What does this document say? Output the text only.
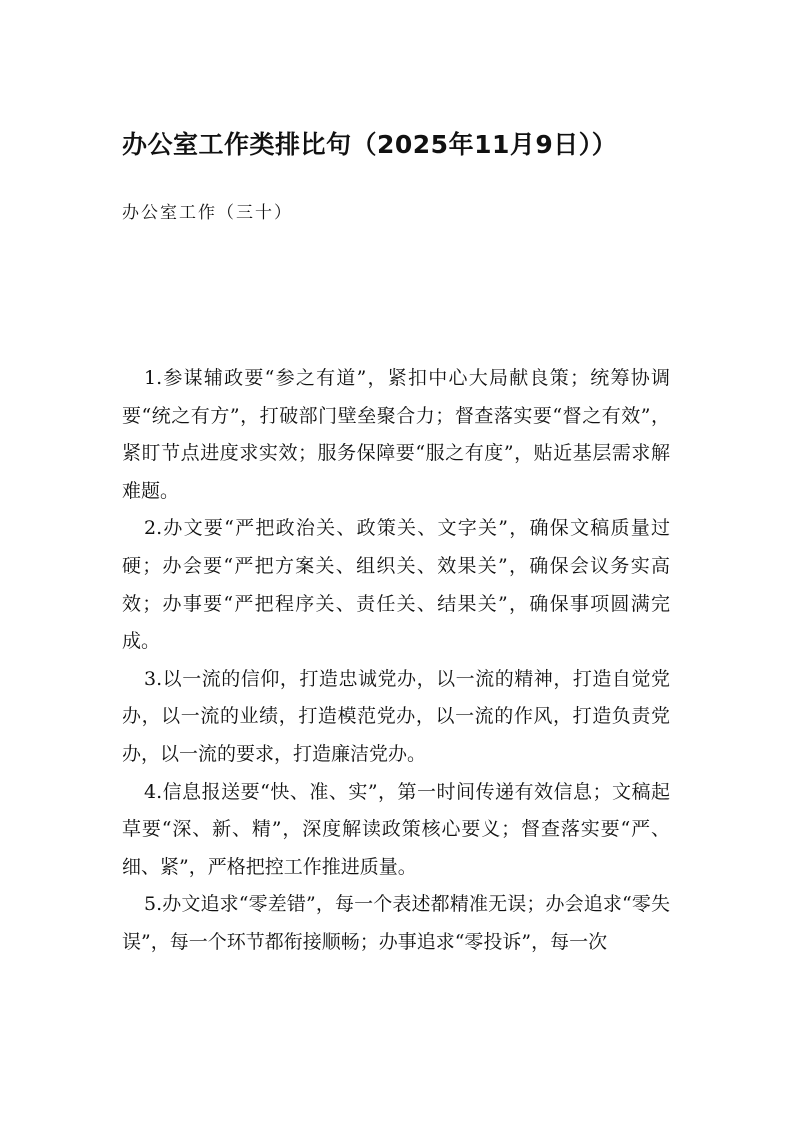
办公室工作类排比句（2025年11月9日））

办公室工作（三十）

1.参谋辅政要“参之有道”，紧扣中心大局献良策；统筹协调要“统之有方”，打破部门壁垒聚合力；督查落实要“督之有效”，紧盯节点进度求实效；服务保障要“服之有度”，贴近基层需求解难题。

2.办文要“严把政治关、政策关、文字关”，确保文稿质量过硬；办会要“严把方案关、组织关、效果关”，确保会议务实高效；办事要“严把程序关、责任关、结果关”，确保事项圆满完成。

3.以一流的信仰，打造忠诚党办，以一流的精神，打造自觉党办，以一流的业绩，打造模范党办，以一流的作风，打造负责党办，以一流的要求，打造廉洁党办。

4.信息报送要“快、准、实”，第一时间传递有效信息；文稿起草要“深、新、精”，深度解读政策核心要义；督查落实要“严、细、紧”，严格把控工作推进质量。

5.办文追求“零差错”，每一个表述都精准无误；办会追求“零失误”，每一个环节都衔接顺畅；办事追求“零投诉”，每一次
